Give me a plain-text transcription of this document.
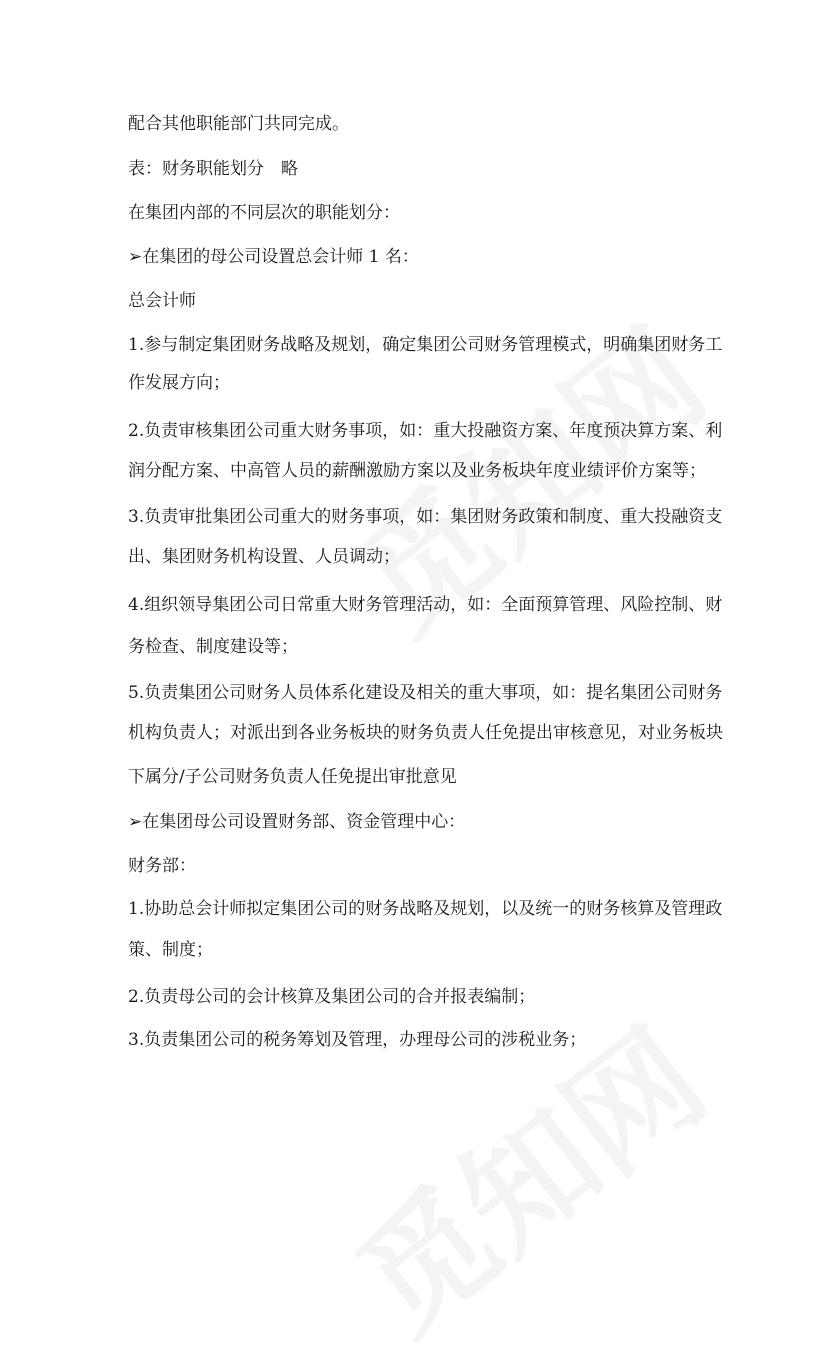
配合其他职能部门共同完成。
表：财务职能划分　略
在集团内部的不同层次的职能划分：
➢在集团的母公司设置总会计师 1 名：
总会计师
1.参与制定集团财务战略及规划，确定集团公司财务管理模式，明确集团财务工
作发展方向；
2.负责审核集团公司重大财务事项，如：重大投融资方案、年度预决算方案、利
润分配方案、中高管人员的薪酬激励方案以及业务板块年度业绩评价方案等；
3.负责审批集团公司重大的财务事项，如：集团财务政策和制度、重大投融资支
出、集团财务机构设置、人员调动；
4.组织领导集团公司日常重大财务管理活动，如：全面预算管理、风险控制、财
务检查、制度建设等；
5.负责集团公司财务人员体系化建设及相关的重大事项，如：提名集团公司财务
机构负责人；对派出到各业务板块的财务负责人任免提出审核意见，对业务板块
下属分/子公司财务负责人任免提出审批意见
➢在集团母公司设置财务部、资金管理中心：
财务部：
1.协助总会计师拟定集团公司的财务战略及规划，以及统一的财务核算及管理政
策、制度；
2.负责母公司的会计核算及集团公司的合并报表编制；
3.负责集团公司的税务筹划及管理，办理母公司的涉税业务；
